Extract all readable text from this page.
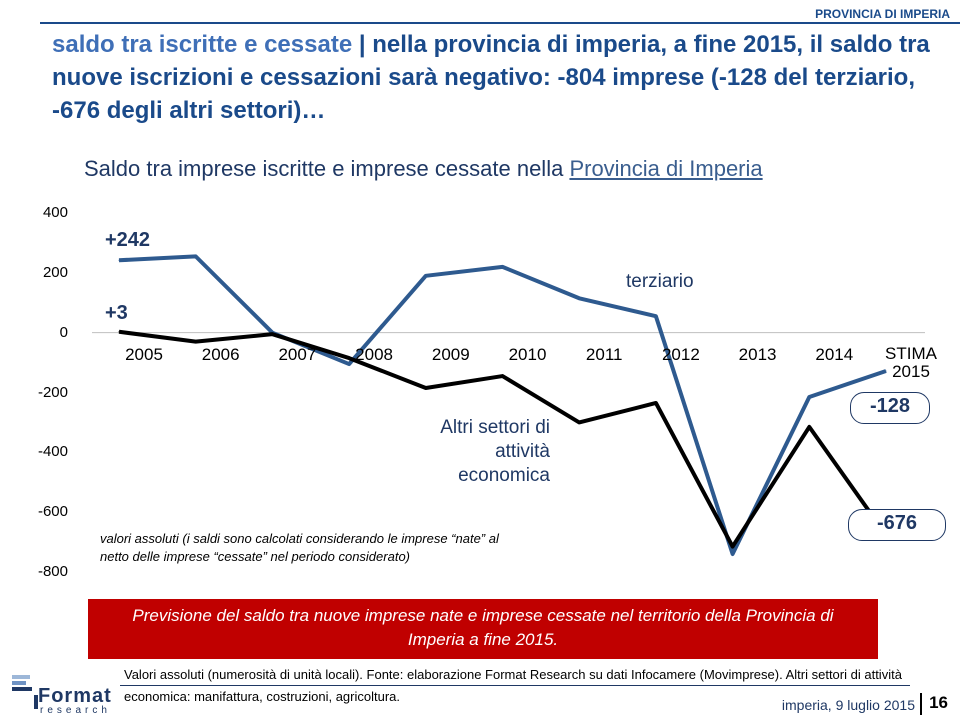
PROVINCIA DI IMPERIA
saldo tra iscritte e cessate | nella provincia di imperia, a fine 2015, il saldo tra nuove iscrizioni e cessazioni sarà negativo: -804 imprese (-128 del terziario, -676 degli altri settori)…
Saldo tra imprese iscritte e imprese cessate nella Provincia di Imperia
400
200
0
-200
-400
-600
-800
2005	2006	2007	2008	2009	2010	2011	2012	2013	2014	STIMA 2015
+242
+3
terziario
Altri settori di
attività
economica
-128
-676
valori assoluti (i saldi sono calcolati considerando le imprese “nate” al
netto delle imprese “cessate” nel periodo considerato)
Previsione del saldo tra nuove imprese nate e imprese cessate nel territorio della Provincia di
Imperia a fine 2015.
Format
research
Valori assoluti (numerosità di unità locali). Fonte: elaborazione Format Research su dati Infocamere (Movimprese). Altri settori di attività
economica: manifattura, costruzioni, agricoltura.
imperia, 9 luglio 2015 16
